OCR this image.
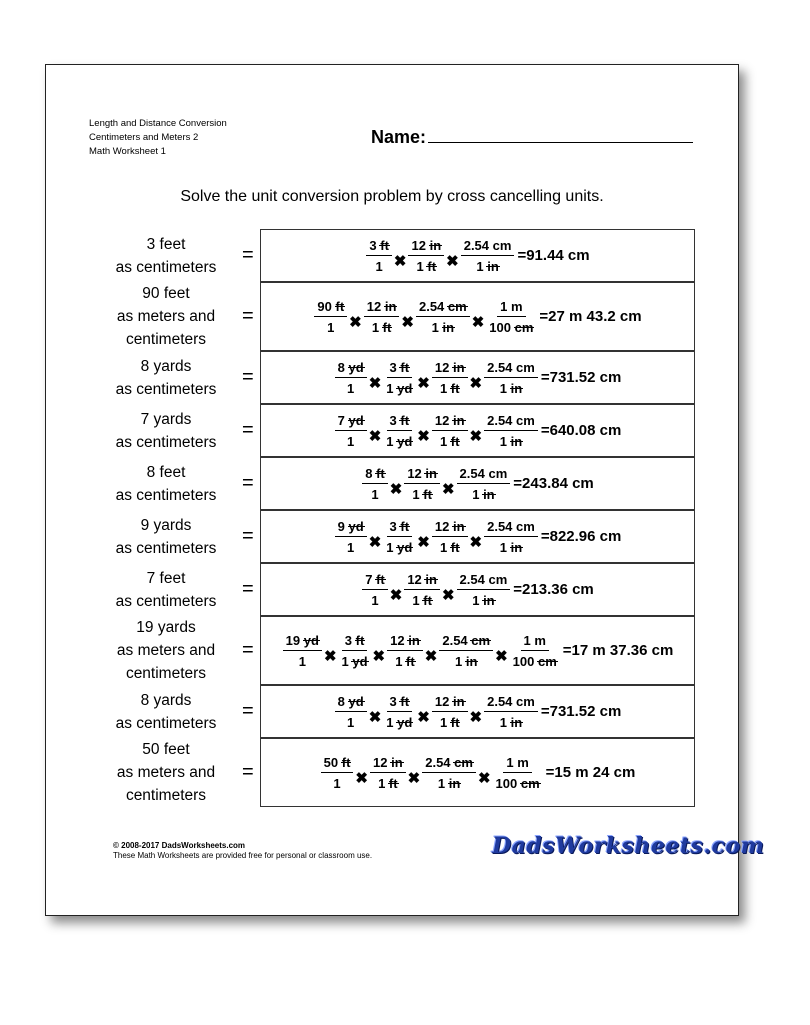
Length and Distance Conversion
Centimeters and Meters 2
Math Worksheet 1
Name:
Solve the unit conversion problem by cross cancelling units.
3 feet
as centimeters
=	$\frac{3 ft}{1}$ ✖ $\frac{12 in}{1 ft}$ ✖ $\frac{2.54 cm}{1 in} =91.44$ cm
90 feet
as meters and
centimeters
=	$\frac{90 ft}{1}$ ✖ $\frac{12 in}{1 ft}$ ✖ $\frac{2.54 cm}{1 in}$ ✖ $\frac{1 m}{100 cm} =27$ m 43.2 cm
8 yards
as centimeters
=	$\frac{8 yd}{1}$ ✖ $\frac{3 ft}{1 yd}$ ✖ $\frac{12 in}{1 ft}$ ✖ $\frac{2.54 cm}{1 in} =731.52$ cm
7 yards
as centimeters
=	$\frac{7 yd}{1}$ ✖ $\frac{3 ft}{1 yd}$ ✖ $\frac{12 in}{1 ft}$ ✖ $\frac{2.54 cm}{1 in} =640.08$ cm
8 feet
as centimeters
=	$\frac{8 ft}{1}$ ✖ $\frac{12 in}{1 ft}$ ✖ $\frac{2.54 cm}{1 in} =243.84$ cm
9 yards
as centimeters
=	$\frac{9 yd}{1}$ ✖ $\frac{3 ft}{1 yd}$ ✖ $\frac{12 in}{1 ft}$ ✖ $\frac{2.54 cm}{1 in} =822.96$ cm
7 feet
as centimeters
=	$\frac{7 ft}{1}$ ✖ $\frac{12 in}{1 ft}$ ✖ $\frac{2.54 cm}{1 in} =213.36$ cm
19 yards
as meters and
centimeters
= $\frac{19 yd}{1}$ ✖ $\frac{3 ft}{1 yd}$ ✖ $\frac{12 in}{1 ft}$ ✖ $\frac{2.54 cm}{1 in}$ ✖ $\frac{1 m}{100 cm} =17$ m 37.36 cm
8 yards
as centimeters
=	$\frac{8 yd}{1}$ ✖ $\frac{3 ft}{1 yd}$ ✖ $\frac{12 in}{1 ft}$ ✖ $\frac{2.54 cm}{1 in} =731.52$ cm
50 feet
as meters and
centimeters
=	$\frac{50 ft}{1}$ ✖ $\frac{12 in}{1 ft}$ ✖ $\frac{2.54 cm}{1 in}$ ✖ $\frac{1 m}{100 cm} =15$ m 24 cm
© 2008-2017 DadsWorksheets.com
These Math Worksheets are provided free for personal or classroom use.	DadsWorksheets.com
